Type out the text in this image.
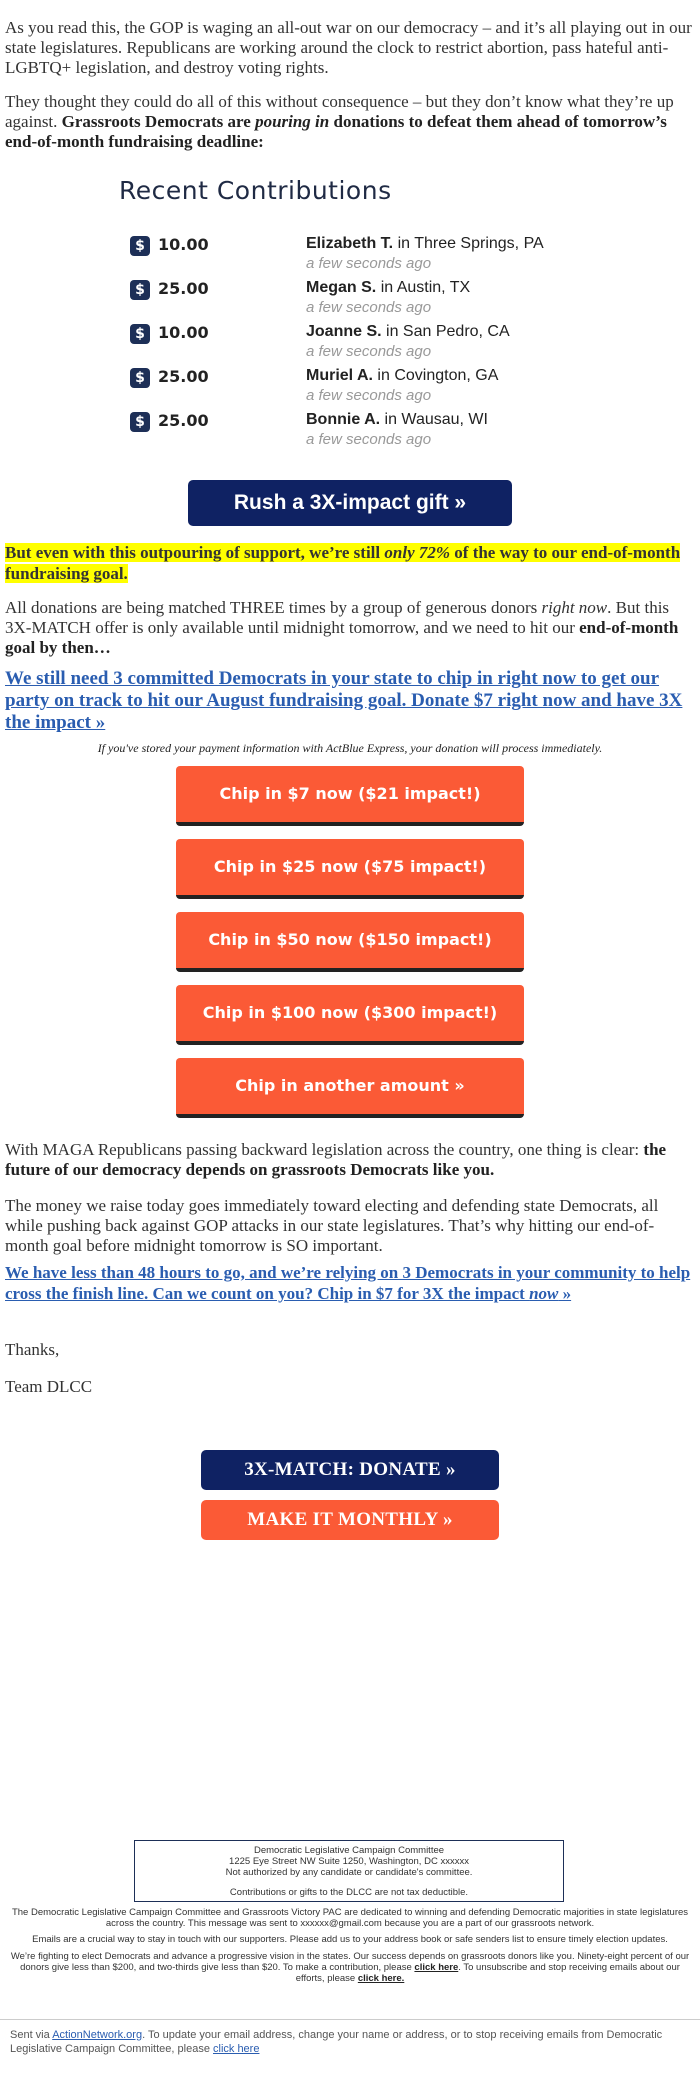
As you read this, the GOP is waging an all-out war on our democracy – and it’s all playing out in our state legislatures. Republicans are working around the clock to restrict abortion, pass hateful anti-LGBTQ+ legislation, and destroy voting rights.
They thought they could do all of this without consequence – but they don’t know what they’re up against. Grassroots Democrats are pouring in donations to defeat them ahead of tomorrow’s end-of-month fundraising deadline:
Recent Contributions
$ 10.00	Elizabeth T. in Three Springs, PA
a few seconds ago
$ 25.00	Megan S. in Austin, TX
a few seconds ago
$ 10.00	Joanne S. in San Pedro, CA
a few seconds ago
$ 25.00	Muriel A. in Covington, GA
a few seconds ago
$ 25.00	Bonnie A. in Wausau, WI
a few seconds ago
Rush a 3X-impact gift »
But even with this outpouring of support, we’re still only 72% of the way to our end-of-month fundraising goal.
All donations are being matched THREE times by a group of generous donors right now. But this 3X-MATCH offer is only available until midnight tomorrow, and we need to hit our end-of-month goal by then…
We still need 3 committed Democrats in your state to chip in right now to get our party on track to hit our August fundraising goal. Donate $7 right now and have 3X the impact »
If you've stored your payment information with ActBlue Express, your donation will process immediately.
Chip in $7 now ($21 impact!)
Chip in $25 now ($75 impact!)
Chip in $50 now ($150 impact!)
Chip in $100 now ($300 impact!)
Chip in another amount »
With MAGA Republicans passing backward legislation across the country, one thing is clear: the future of our democracy depends on grassroots Democrats like you.
The money we raise today goes immediately toward electing and defending state Democrats, all while pushing back against GOP attacks in our state legislatures. That’s why hitting our end-of-month goal before midnight tomorrow is SO important.
We have less than 48 hours to go, and we’re relying on 3 Democrats in your community to help cross the finish line. Can we count on you? Chip in $7 for 3X the impact now »
Thanks,
Team DLCC
3X-MATCH: DONATE »
MAKE IT MONTHLY »
Democratic Legislative Campaign Committee
1225 Eye Street NW Suite 1250, Washington, DC xxxxxx
Not authorized by any candidate or candidate's committee.
Contributions or gifts to the DLCC are not tax deductible.
The Democratic Legislative Campaign Committee and Grassroots Victory PAC are dedicated to winning and defending Democratic majorities in state legislatures across the country. This message was sent to xxxxxx@gmail.com because you are a part of our grassroots network.
Emails are a crucial way to stay in touch with our supporters. Please add us to your address book or safe senders list to ensure timely election updates.
We’re fighting to elect Democrats and advance a progressive vision in the states. Our success depends on grassroots donors like you. Ninety-eight percent of our donors give less than $200, and two-thirds give less than $20. To make a contribution, please click here. To unsubscribe and stop receiving emails about our efforts, please click here.
Sent via ActionNetwork.org. To update your email address, change your name or address, or to stop receiving emails from Democratic Legislative Campaign Committee, please click here
